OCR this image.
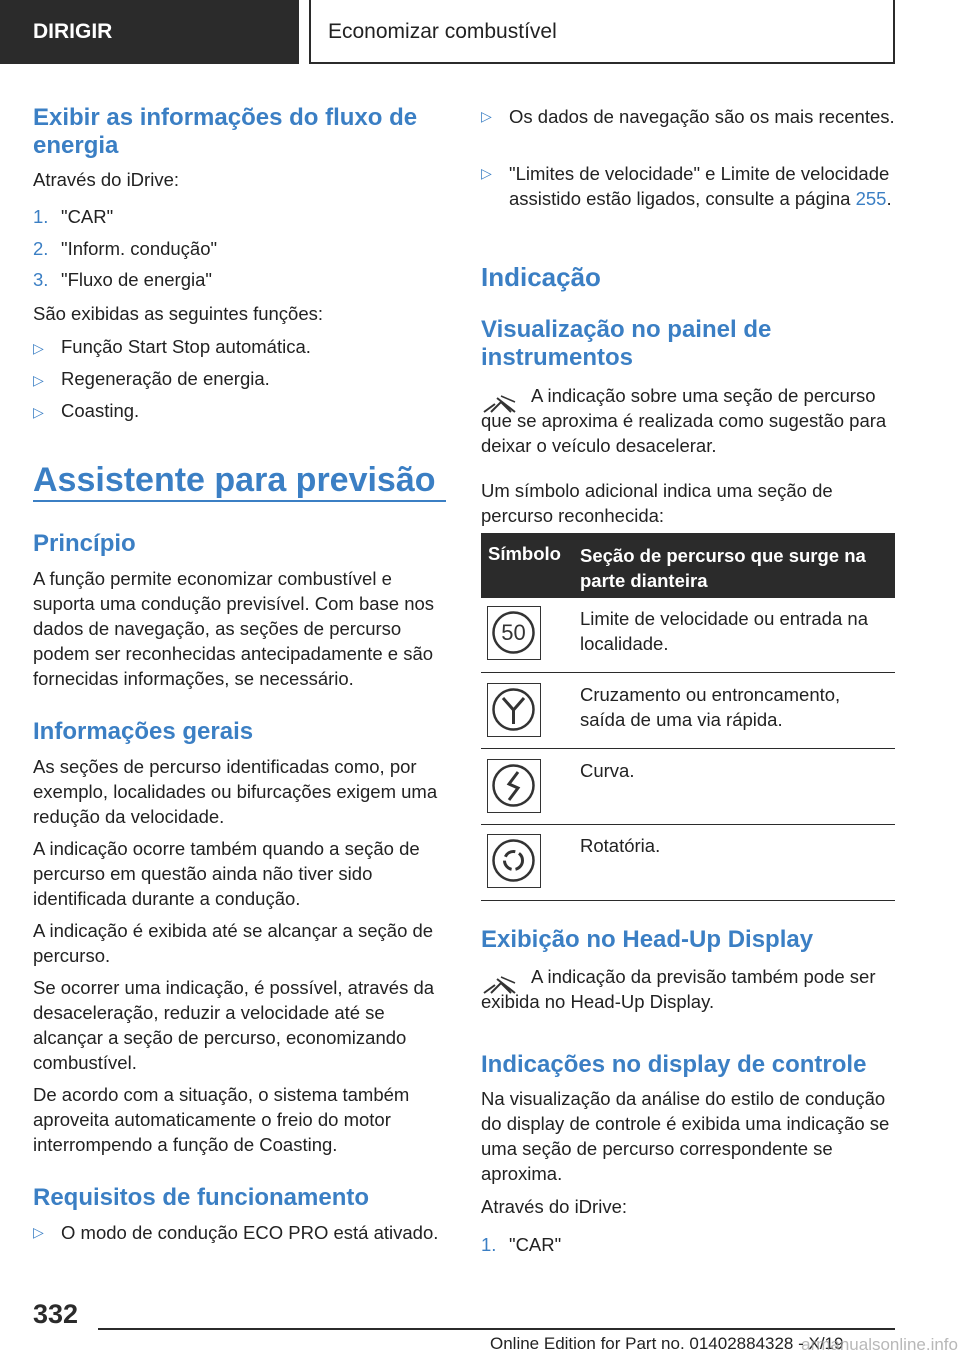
DIRIGIR	Economizar combustível
Exibir as informações do fluxo de energia
Através do iDrive:
1. "CAR"
2. "Inform. condução"
3. "Fluxo de energia"
São exibidas as seguintes funções:
▷ Função Start Stop automática.
▷ Regeneração de energia.
▷ Coasting.
Assistente para previsão
Princípio
A função permite economizar combustível e suporta uma condução previsível. Com base nos dados de navegação, as seções de percurso podem ser reconhecidas antecipadamente e são fornecidas informações, se necessário.
Informações gerais
As seções de percurso identificadas como, por exemplo, localidades ou bifurcações exigem uma redução da velocidade.
A indicação ocorre também quando a seção de percurso em questão ainda não tiver sido identificada durante a condução.
A indicação é exibida até se alcançar a seção de percurso.
Se ocorrer uma indicação, é possível, através da desaceleração, reduzir a velocidade até se alcançar a seção de percurso, economizando combustível.
De acordo com a situação, o sistema também aproveita automaticamente o freio do motor interrompendo a função de Coasting.
Requisitos de funcionamento
▷ O modo de condução ECO PRO está ativado.
▷ Os dados de navegação são os mais recentes.
▷ "Limites de velocidade" e Limite de velocidade assistido estão ligados, consulte a página 255.
Indicação
Visualização no painel de instrumentos
A indicação sobre uma seção de percurso que se aproxima é realizada como sugestão para deixar o veículo desacelerar.
Um símbolo adicional indica uma seção de percurso reconhecida:
Símbolo Seção de percurso que surge na parte dianteira
50
Limite de velocidade ou entrada na localidade.
Cruzamento ou entroncamento, saída de uma via rápida.
Curva.
Rotatória.
Exibição no Head-Up Display
A indicação da previsão também pode ser exibida no Head-Up Display.
Indicações no display de controle
Na visualização da análise do estilo de condução do display de controle é exibida uma indicação se uma seção de percurso correspondente se aproxima.
Através do iDrive:
1. "CAR"
332
Online Edition for Part no. 01402884328 - X/19
armanualsonline.info
